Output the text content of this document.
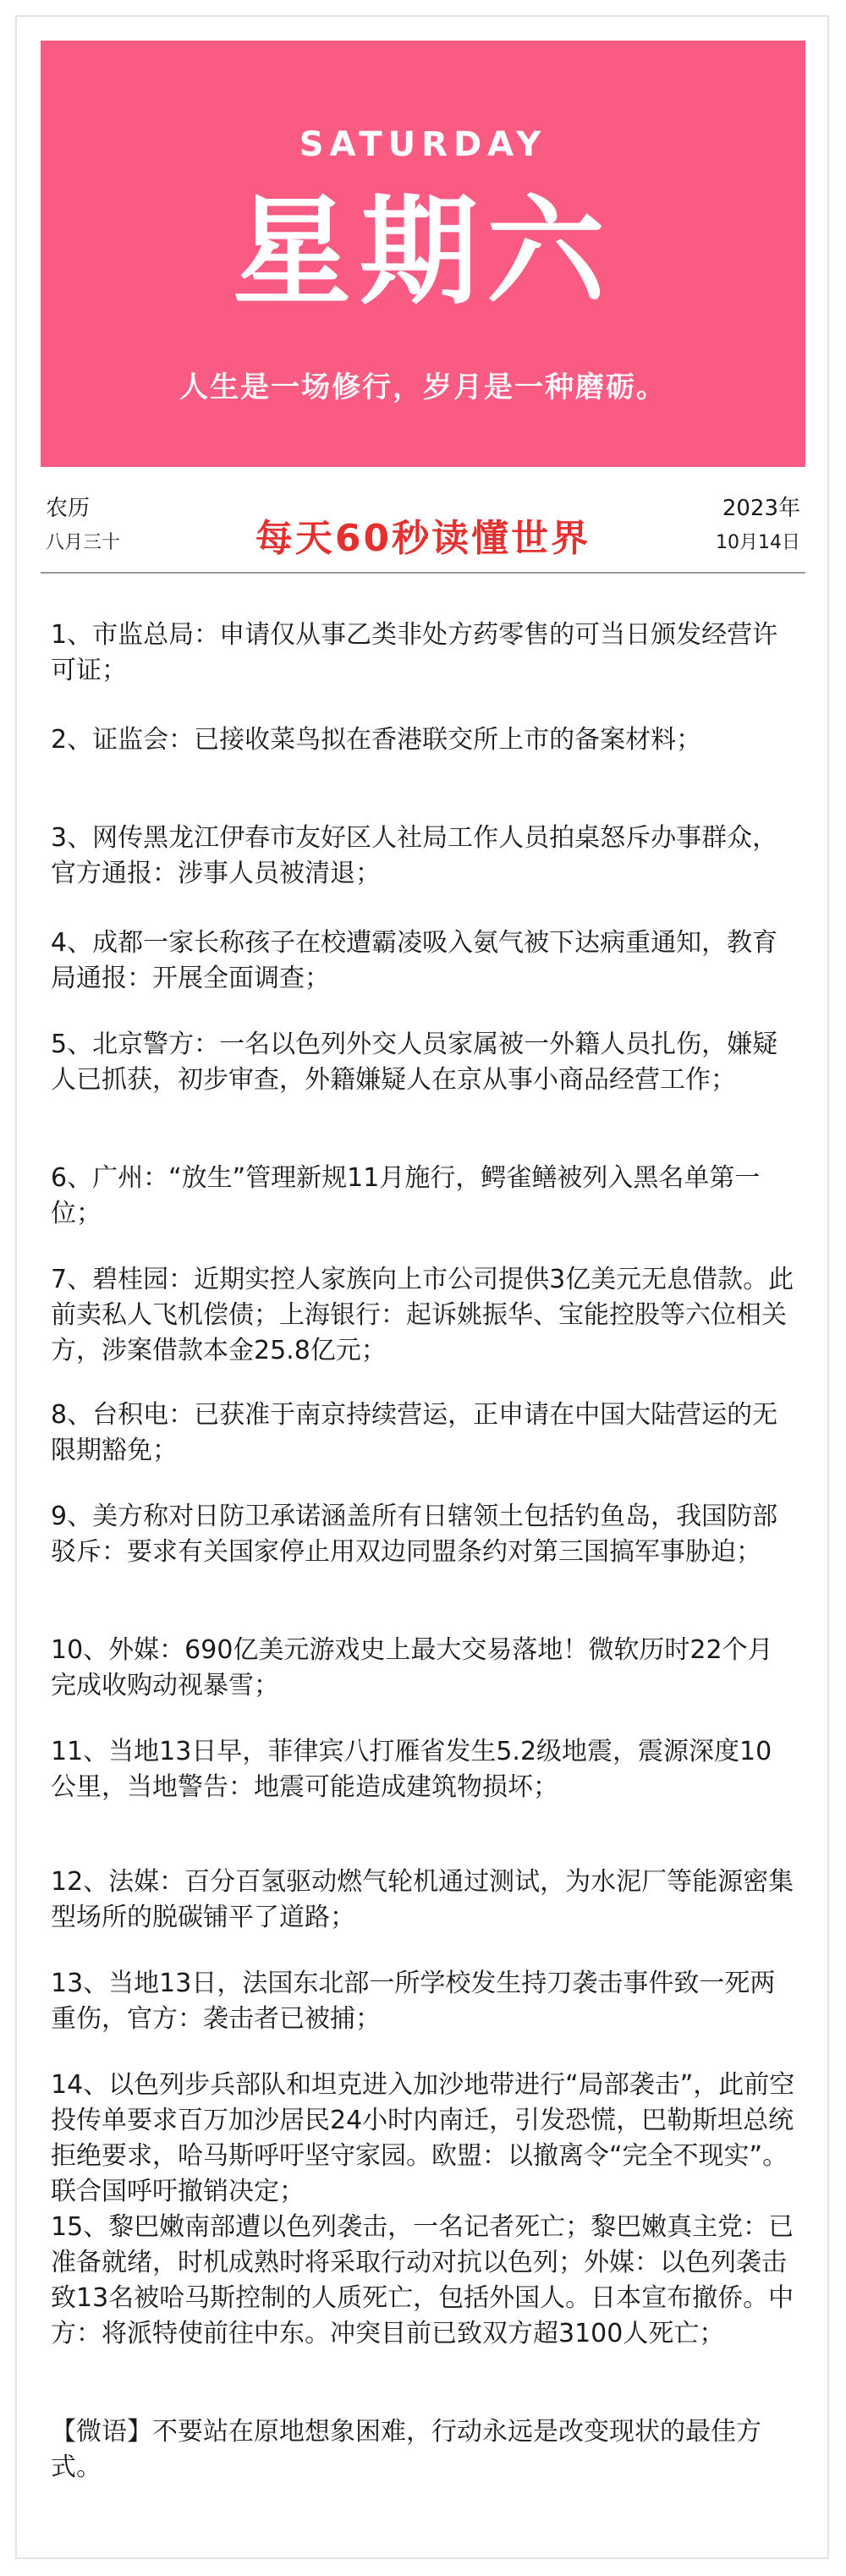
SATURDAY
星期六
人生是一场修行，岁月是一种磨砺。
农历
八月三十	每天60秒读懂世界
2023年
10月14日
1、市监总局：申请仅从事乙类非处方药零售的可当日颁发经营许可证；
2、证监会：已接收菜鸟拟在香港联交所上市的备案材料；
3、网传黑龙江伊春市友好区人社局工作人员拍桌怒斥办事群众，官方通报：涉事人员被清退；
4、成都一家长称孩子在校遭霸凌吸入氨气被下达病重通知，教育局通报：开展全面调查；
5、北京警方：一名以色列外交人员家属被一外籍人员扎伤，嫌疑人已抓获，初步审查，外籍嫌疑人在京从事小商品经营工作；
6、广州：“放生”管理新规11月施行，鳄雀鳝被列入黑名单第一位；
7、碧桂园：近期实控人家族向上市公司提供3亿美元无息借款。此前卖私人飞机偿债；上海银行：起诉姚振华、宝能控股等六位相关方，涉案借款本金25.8亿元；
8、台积电：已获准于南京持续营运，正申请在中国大陆营运的无限期豁免；
9、美方称对日防卫承诺涵盖所有日辖领土包括钓鱼岛，我国防部驳斥：要求有关国家停止用双边同盟条约对第三国搞军事胁迫；
10、外媒：690亿美元游戏史上最大交易落地！微软历时22个月完成收购动视暴雪；
11、当地13日早，菲律宾八打雁省发生5.2级地震，震源深度10公里，当地警告：地震可能造成建筑物损坏；
12、法媒：百分百氢驱动燃气轮机通过测试，为水泥厂等能源密集型场所的脱碳铺平了道路；
13、当地13日，法国东北部一所学校发生持刀袭击事件致一死两重伤，官方：袭击者已被捕；
14、以色列步兵部队和坦克进入加沙地带进行“局部袭击”，此前空投传单要求百万加沙居民24小时内南迁，引发恐慌，巴勒斯坦总统拒绝要求，哈马斯呼吁坚守家园。欧盟：以撤离令“完全不现实”。联合国呼吁撤销决定；
15、黎巴嫩南部遭以色列袭击，一名记者死亡；黎巴嫩真主党：已准备就绪，时机成熟时将采取行动对抗以色列；外媒：以色列袭击致13名被哈马斯控制的人质死亡，包括外国人。日本宣布撤侨。中方：将派特使前往中东。冲突目前已致双方超3100人死亡；
【微语】不要站在原地想象困难，行动永远是改变现状的最佳方式。
